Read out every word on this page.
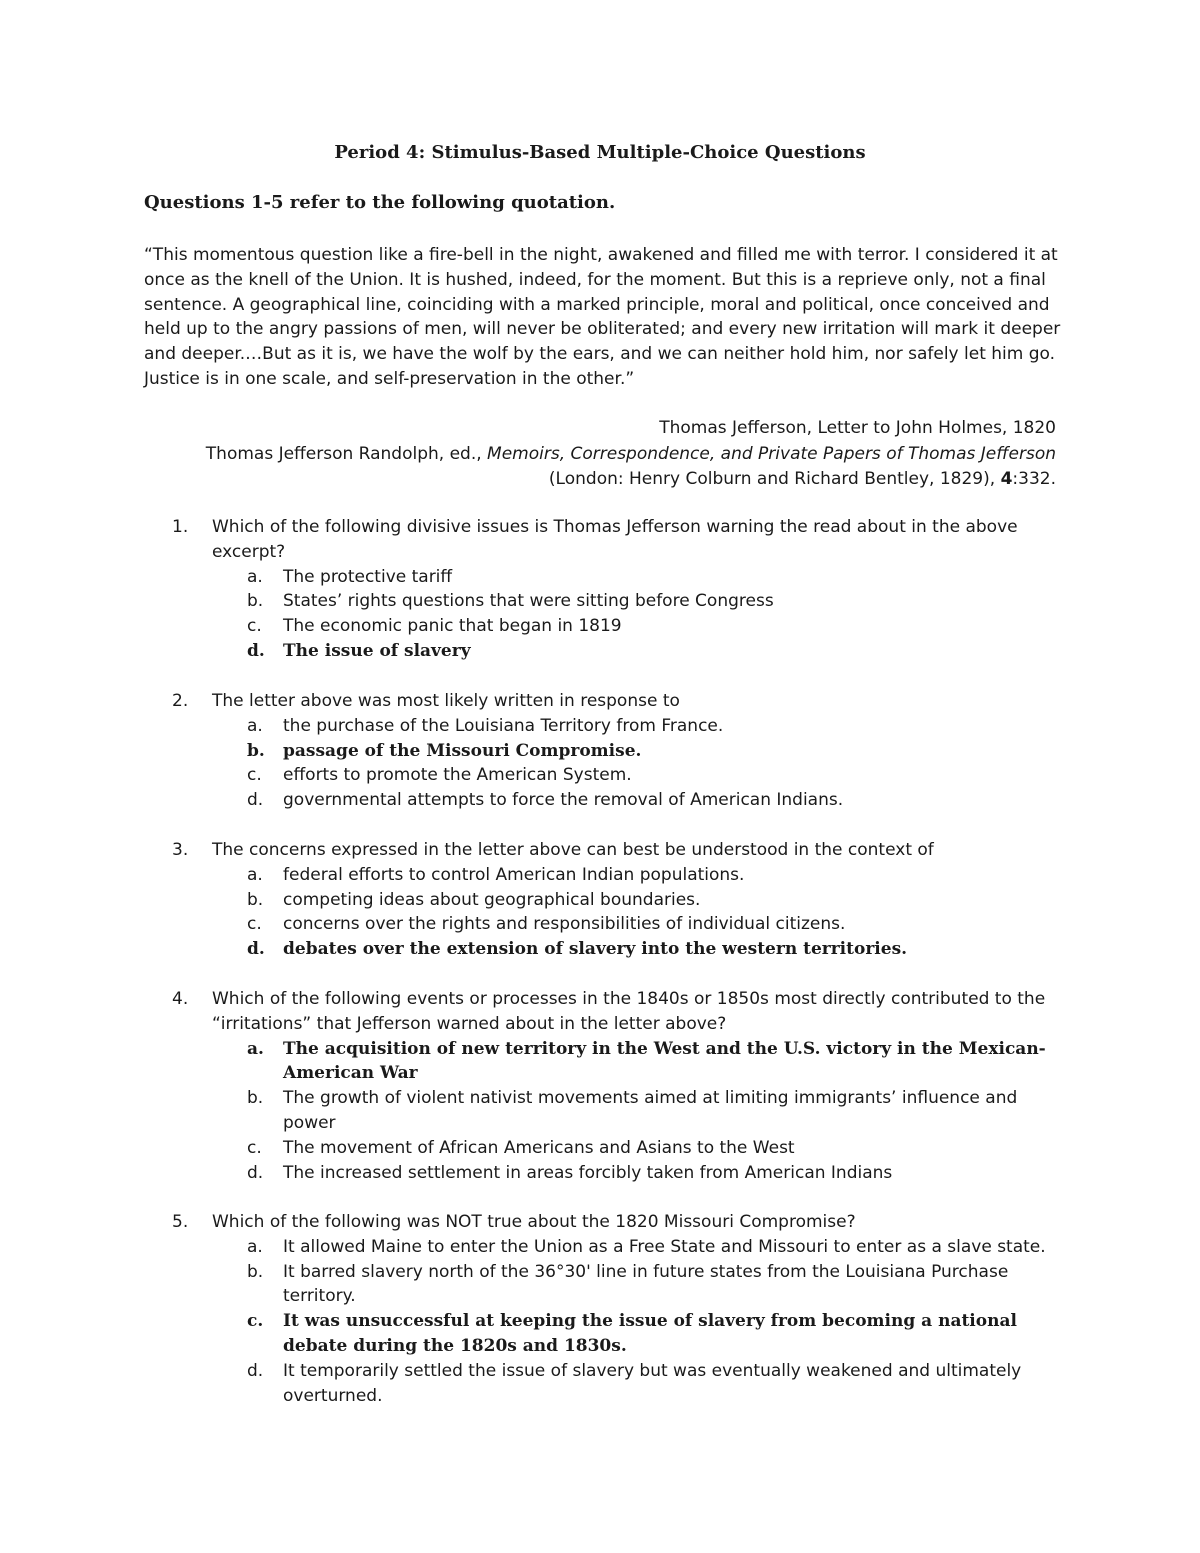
Period 4: Stimulus-Based Multiple-Choice Questions

Questions 1-5 refer to the following quotation.

“This momentous question like a fire-bell in the night, awakened and filled me with terror. I considered it at once as the knell of the Union. It is hushed, indeed, for the moment. But this is a reprieve only, not a final sentence. A geographical line, coinciding with a marked principle, moral and political, once conceived and held up to the angry passions of men, will never be obliterated; and every new irritation will mark it deeper and deeper.…But as it is, we have the wolf by the ears, and we can neither hold him, nor safely let him go. Justice is in one scale, and self-preservation in the other.”

Thomas Jefferson, Letter to John Holmes, 1820
Thomas Jefferson Randolph, ed., Memoirs, Correspondence, and Private Papers of Thomas Jefferson
(London: Henry Colburn and Richard Bentley, 1829), 4:332.
1. Which of the following divisive issues is Thomas Jefferson warning the read about in the above excerpt?
a. The protective tariff
b. States’ rights questions that were sitting before Congress
c. The economic panic that began in 1819
d. The issue of slavery
2. The letter above was most likely written in response to
a. the purchase of the Louisiana Territory from France.
b. passage of the Missouri Compromise.
c. efforts to promote the American System.
d. governmental attempts to force the removal of American Indians.
3. The concerns expressed in the letter above can best be understood in the context of
a. federal efforts to control American Indian populations.
b. competing ideas about geographical boundaries.
c. concerns over the rights and responsibilities of individual citizens.
d. debates over the extension of slavery into the western territories.
4. Which of the following events or processes in the 1840s or 1850s most directly contributed to the “irritations” that Jefferson warned about in the letter above?
a. The acquisition of new territory in the West and the U.S. victory in the Mexican-American War
b. The growth of violent nativist movements aimed at limiting immigrants’ influence and power
c. The movement of African Americans and Asians to the West
d. The increased settlement in areas forcibly taken from American Indians
5. Which of the following was NOT true about the 1820 Missouri Compromise?
a. It allowed Maine to enter the Union as a Free State and Missouri to enter as a slave state.
b. It barred slavery north of the 36°30' line in future states from the Louisiana Purchase territory.
c. It was unsuccessful at keeping the issue of slavery from becoming a national debate during the 1820s and 1830s.
d. It temporarily settled the issue of slavery but was eventually weakened and ultimately overturned.
